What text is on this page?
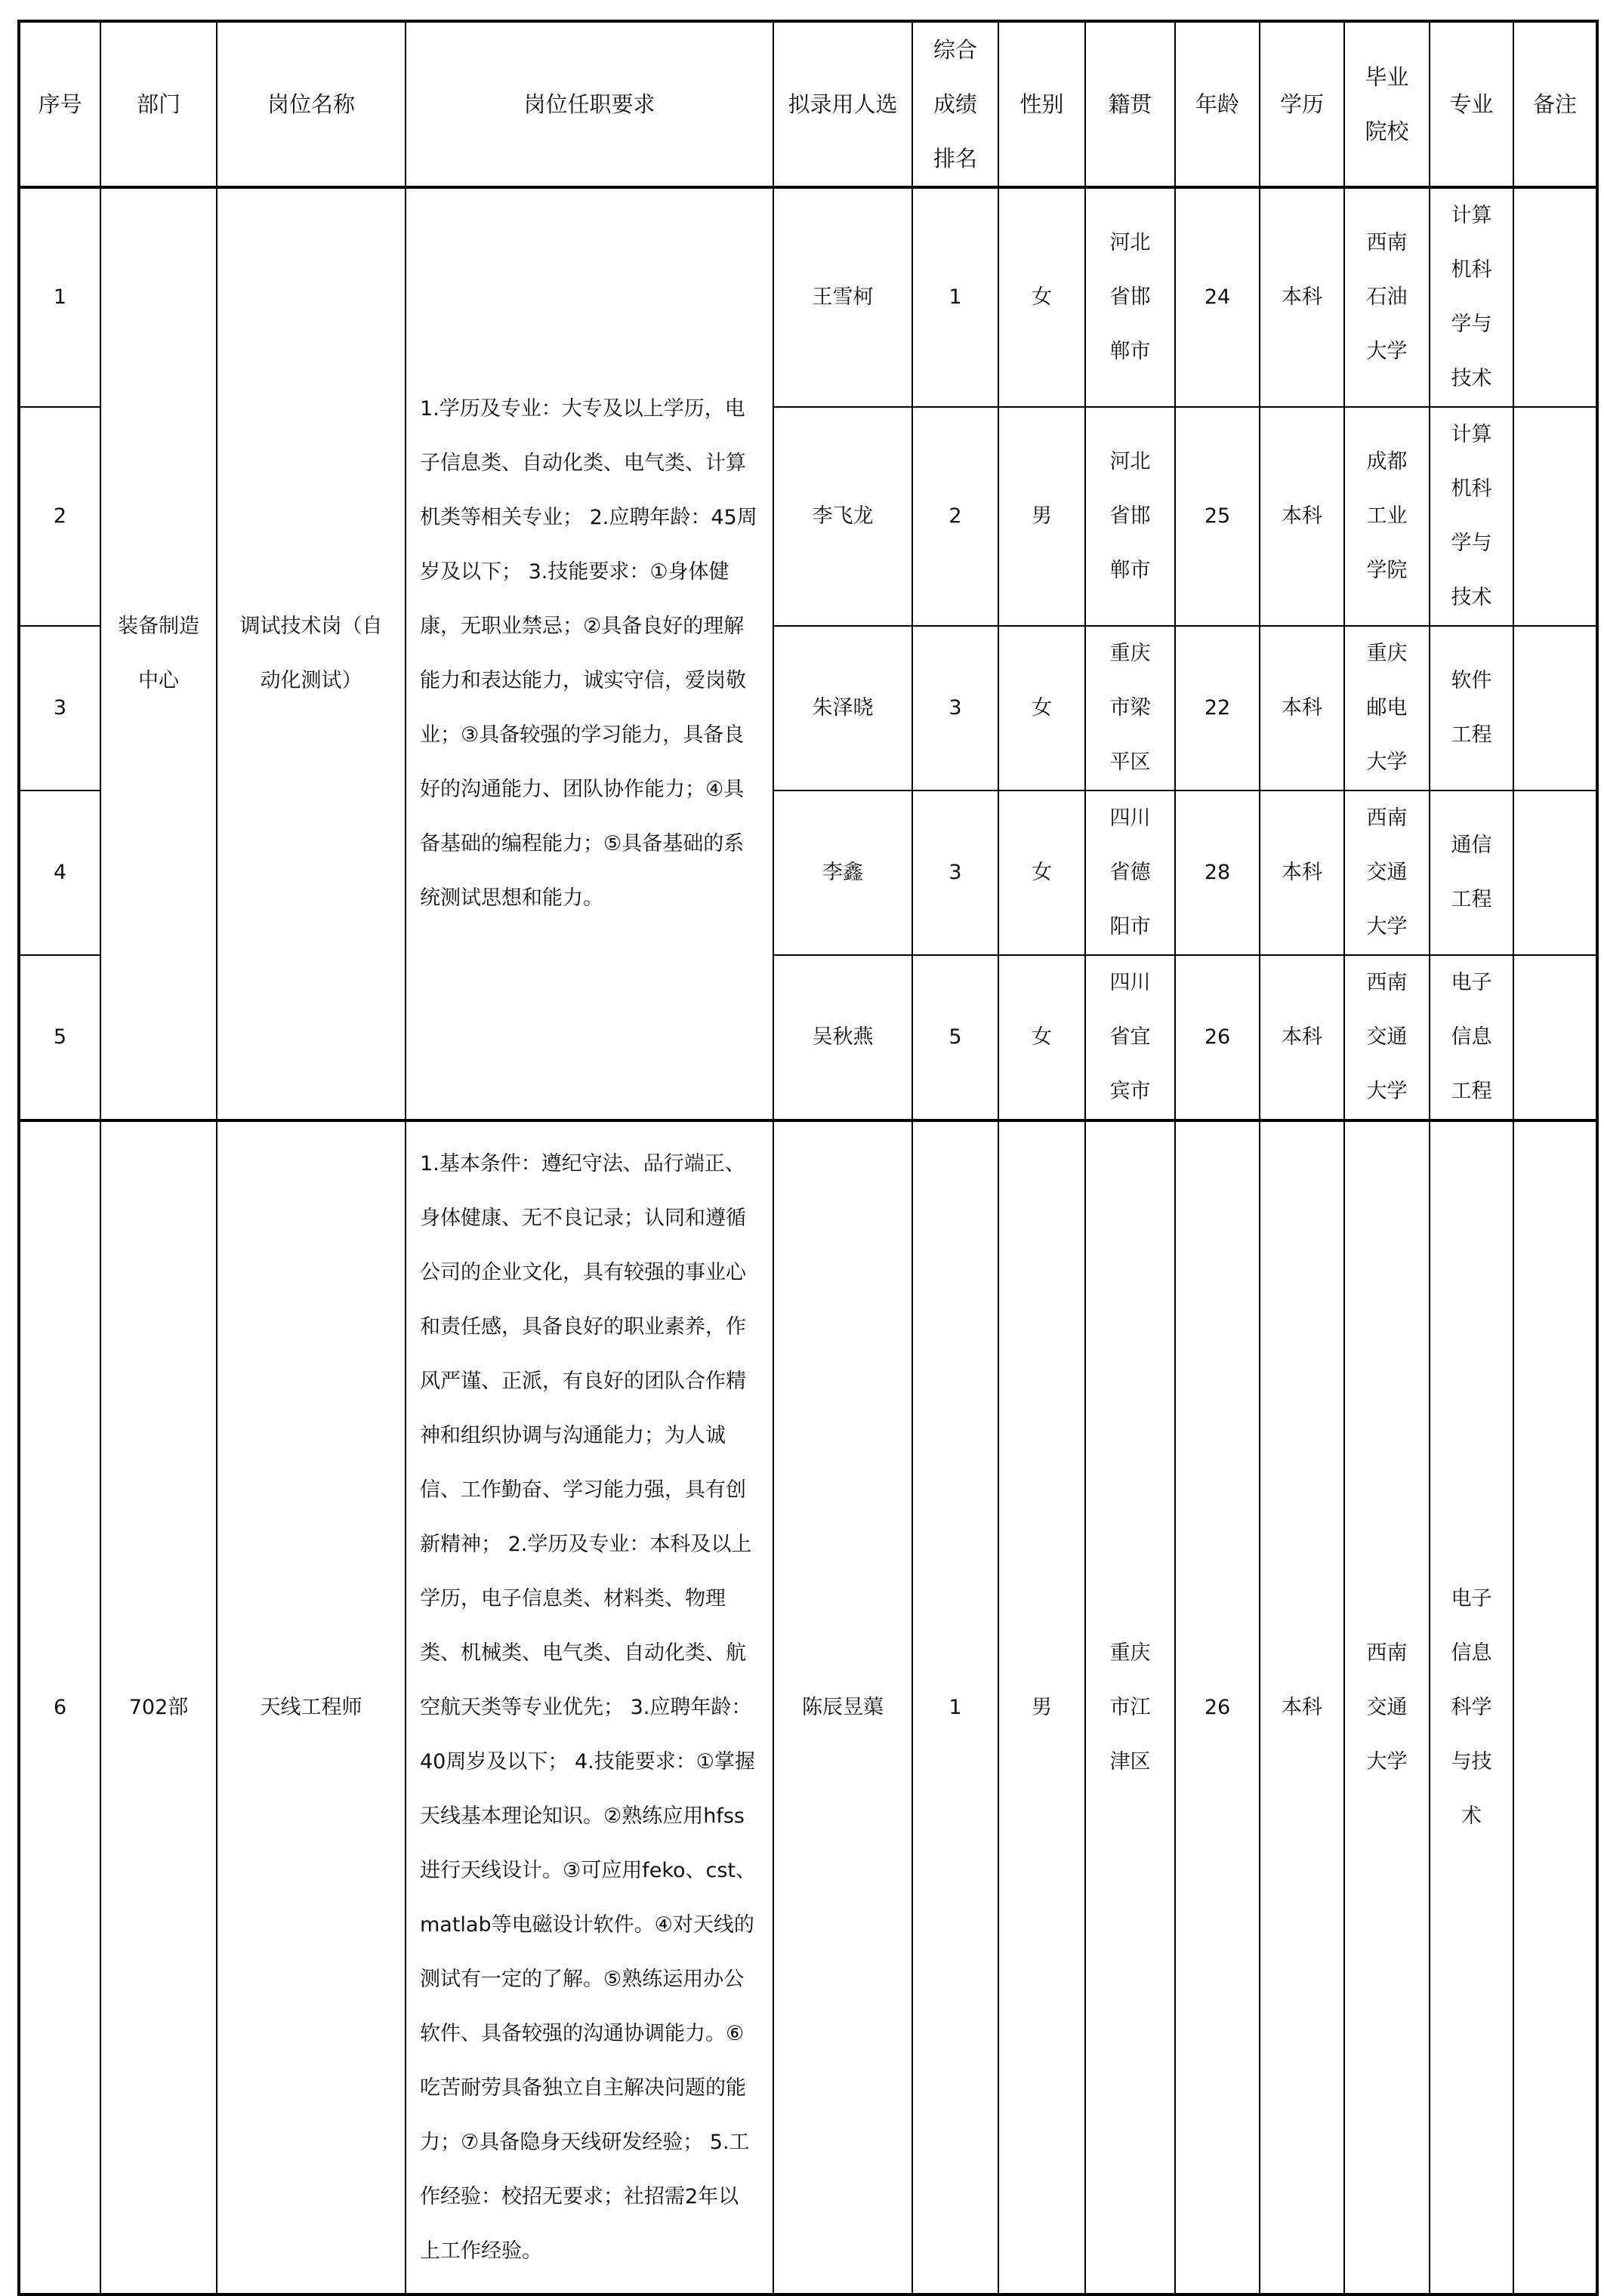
序号	部门	岗位名称	岗位任职要求	拟录用人选	综合成绩排名	性别	籍贯	年龄	学历	毕业院校	专业	备注
1	装备制造中心	调试技术岗（自动化测试）	1.学历及专业：大专及以上学历，电子信息类、自动化类、电气类、计算机类等相关专业； 2.应聘年龄：45周岁及以下； 3.技能要求：①身体健康，无职业禁忌；②具备良好的理解能力和表达能力，诚实守信，爱岗敬业；③具备较强的学习能力，具备良好的沟通能力、团队协作能力；④具备基础的编程能力；⑤具备基础的系统测试思想和能力。	王雪柯	1	女	河北省邯郸市	24	本科	西南石油大学	计算机科学与技术	
2				李飞龙	2	男	河北省邯郸市	25	本科	成都工业学院	计算机科学与技术	
3				朱泽晓	3	女	重庆市梁平区	22	本科	重庆邮电大学	软件工程	
4				李鑫	3	女	四川省德阳市	28	本科	西南交通大学	通信工程	
5				吴秋燕	5	女	四川省宜宾市	26	本科	西南交通大学	电子信息工程	
6	702部	天线工程师	1.基本条件：遵纪守法、品行端正、身体健康、无不良记录；认同和遵循公司的企业文化，具有较强的事业心和责任感，具备良好的职业素养，作风严谨、正派，有良好的团队合作精神和组织协调与沟通能力；为人诚信、工作勤奋、学习能力强，具有创新精神； 2.学历及专业：本科及以上学历，电子信息类、材料类、物理类、机械类、电气类、自动化类、航空航天类等专业优先； 3.应聘年龄：40周岁及以下； 4.技能要求：①掌握天线基本理论知识。②熟练应用hfss进行天线设计。③可应用feko、cst、matlab等电磁设计软件。④对天线的测试有一定的了解。⑤熟练运用办公软件、具备较强的沟通协调能力。⑥吃苦耐劳具备独立自主解决问题的能力；⑦具备隐身天线研发经验； 5.工作经验：校招无要求；社招需2年以上工作经验。	陈辰昱蕖	1	男	重庆市江津区	26	本科	西南交通大学	电子信息科学与技术	
